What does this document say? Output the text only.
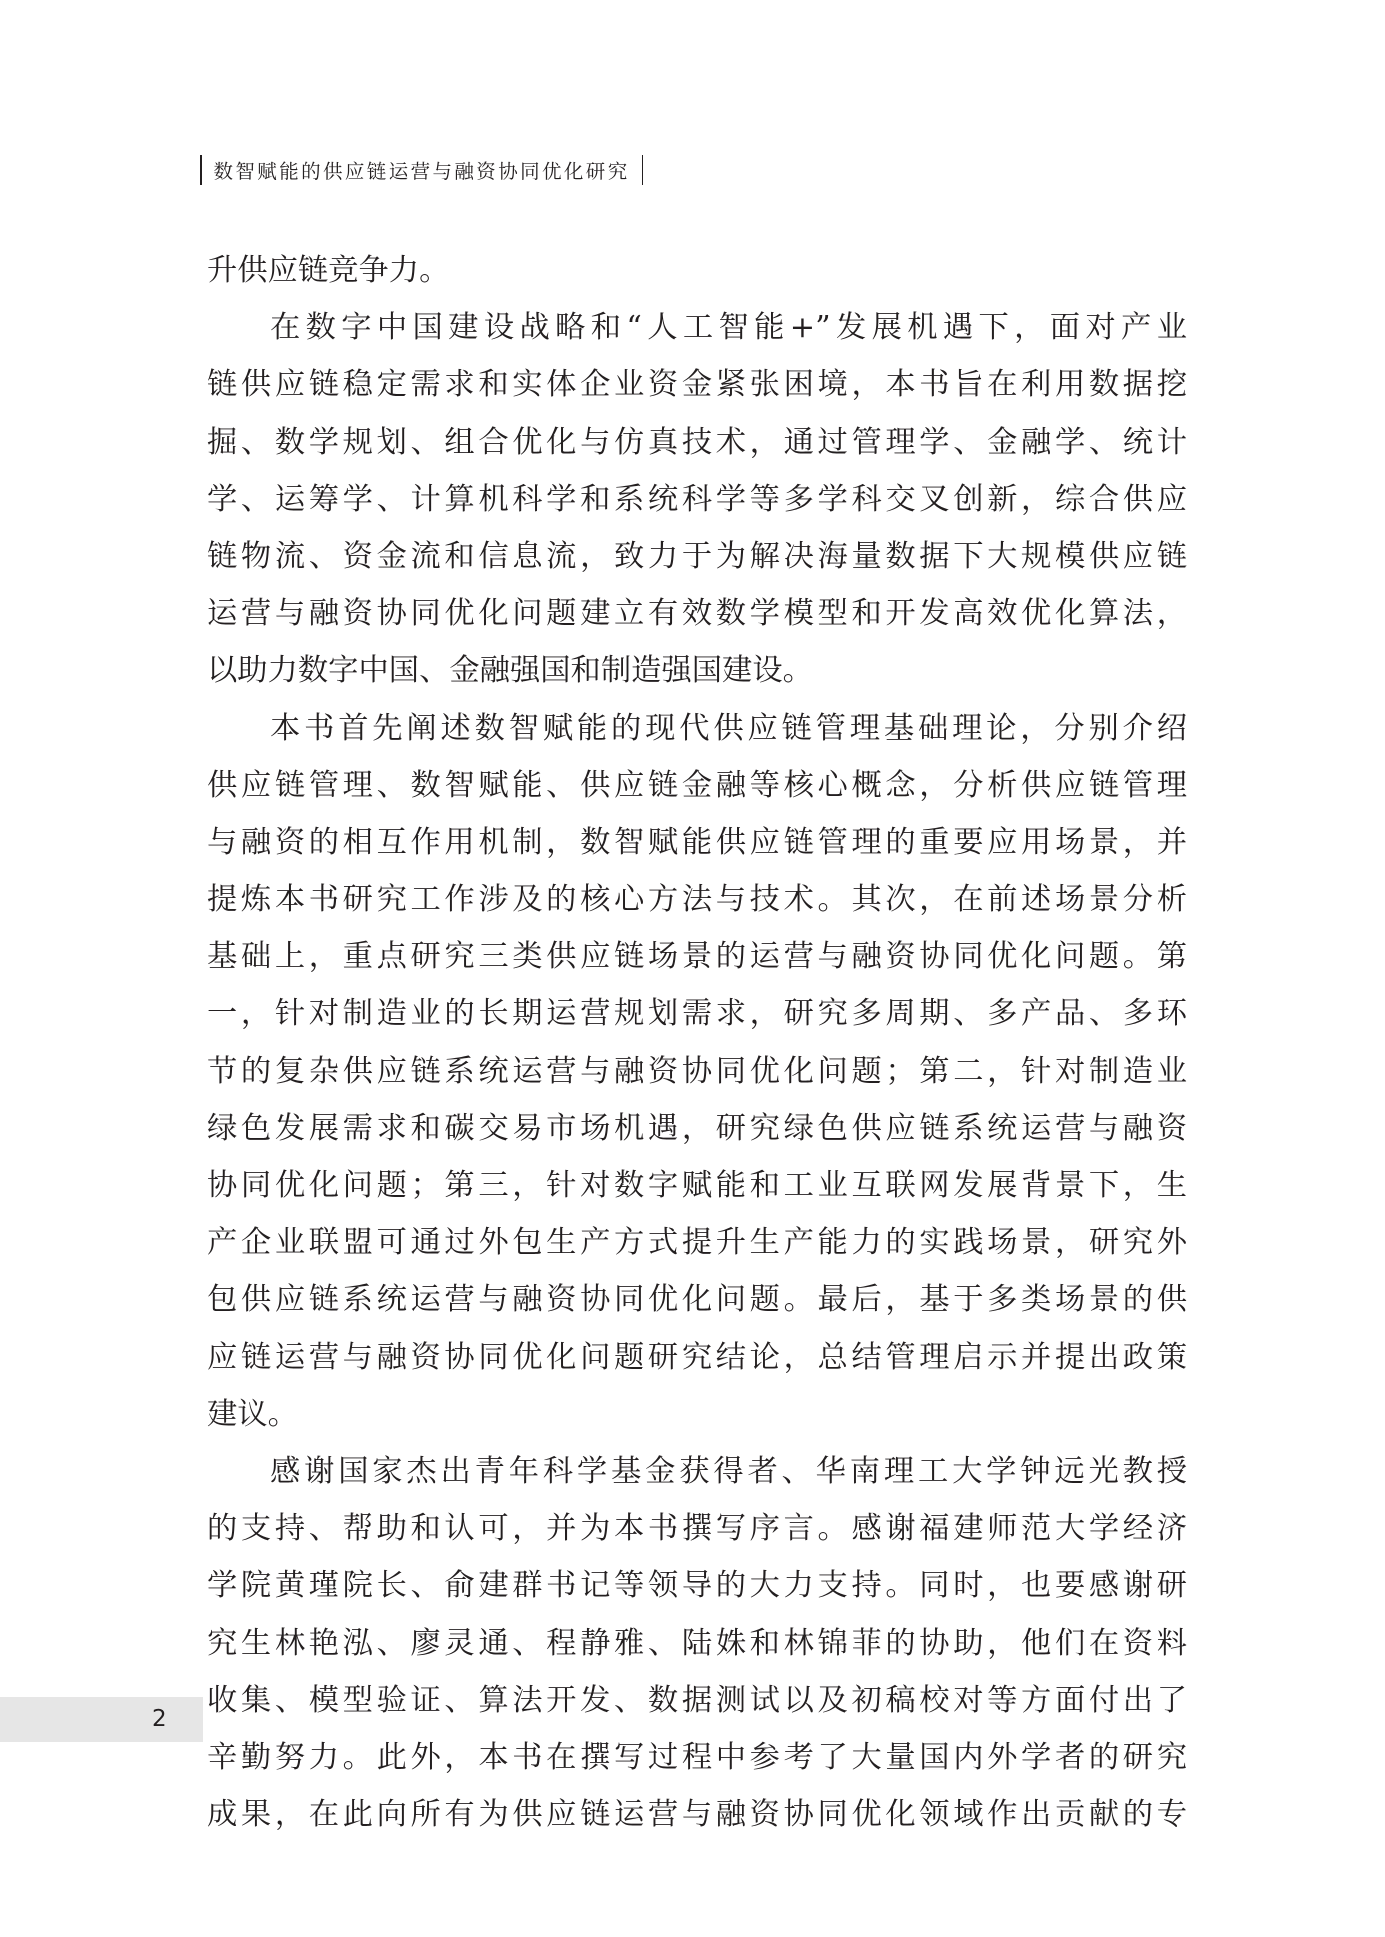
数智赋能的供应链运营与融资协同优化研究
升供应链竞争力。
在数字中国建设战略和“人工智能+”发展机遇下，面对产业
链供应链稳定需求和实体企业资金紧张困境，本书旨在利用数据挖
掘、数学规划、组合优化与仿真技术，通过管理学、金融学、统计
学、运筹学、计算机科学和系统科学等多学科交叉创新，综合供应
链物流、资金流和信息流，致力于为解决海量数据下大规模供应链
运营与融资协同优化问题建立有效数学模型和开发高效优化算法，
以助力数字中国、金融强国和制造强国建设。
本书首先阐述数智赋能的现代供应链管理基础理论，分别介绍
供应链管理、数智赋能、供应链金融等核心概念，分析供应链管理
与融资的相互作用机制，数智赋能供应链管理的重要应用场景，并
提炼本书研究工作涉及的核心方法与技术。其次，在前述场景分析
基础上，重点研究三类供应链场景的运营与融资协同优化问题。第
一，针对制造业的长期运营规划需求，研究多周期、多产品、多环
节的复杂供应链系统运营与融资协同优化问题；第二，针对制造业
绿色发展需求和碳交易市场机遇，研究绿色供应链系统运营与融资
协同优化问题；第三，针对数字赋能和工业互联网发展背景下，生
产企业联盟可通过外包生产方式提升生产能力的实践场景，研究外
包供应链系统运营与融资协同优化问题。最后，基于多类场景的供
应链运营与融资协同优化问题研究结论，总结管理启示并提出政策
建议。
感谢国家杰出青年科学基金获得者、华南理工大学钟远光教授
的支持、帮助和认可，并为本书撰写序言。感谢福建师范大学经济
学院黄瑾院长、俞建群书记等领导的大力支持。同时，也要感谢研
究生林艳泓、廖灵通、程静雅、陆姝和林锦菲的协助，他们在资料
收集、模型验证、算法开发、数据测试以及初稿校对等方面付出了
辛勤努力。此外，本书在撰写过程中参考了大量国内外学者的研究
成果，在此向所有为供应链运营与融资协同优化领域作出贡献的专
2
